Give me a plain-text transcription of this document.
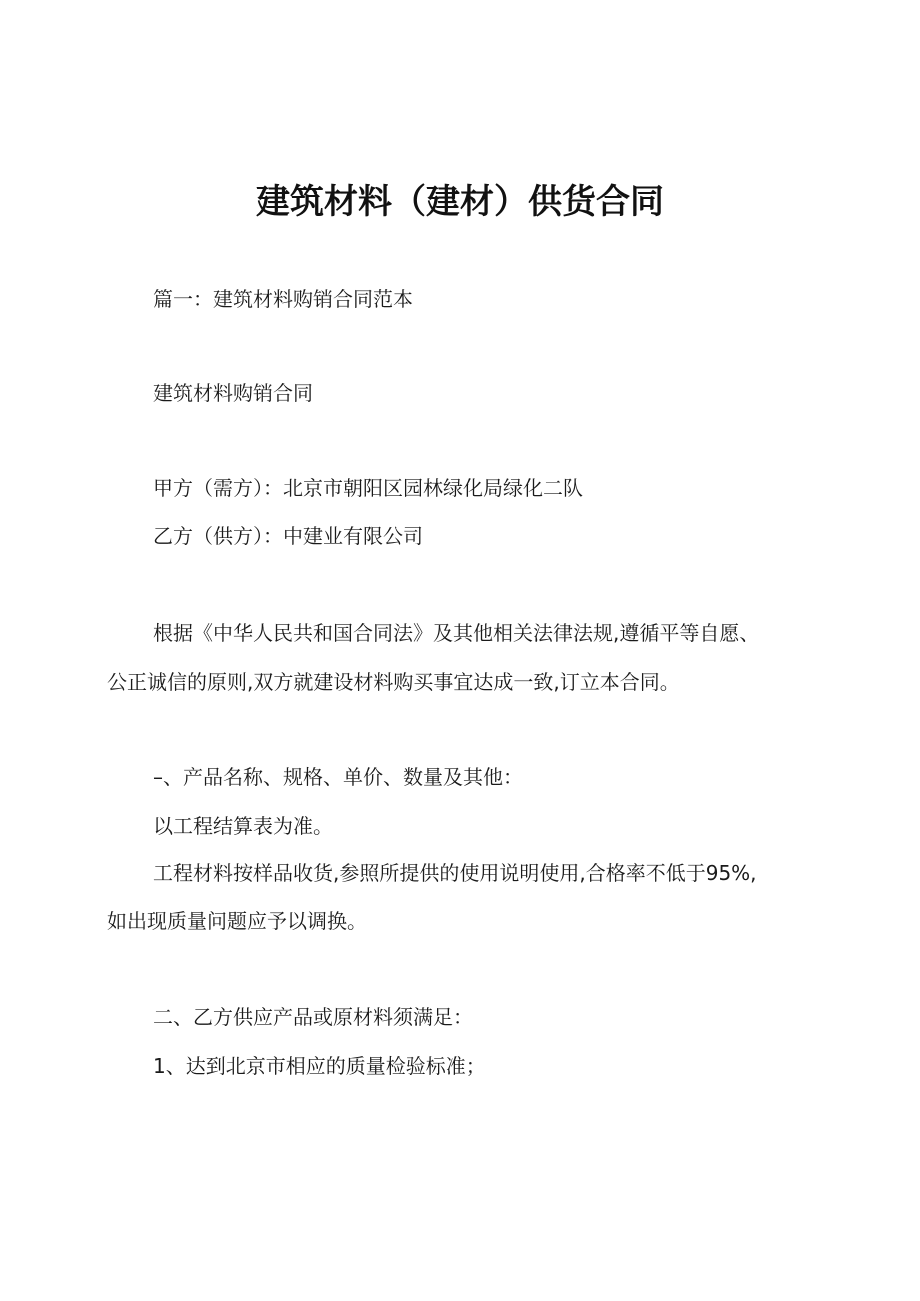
建筑材料（建材）供货合同
篇一：建筑材料购销合同范本
建筑材料购销合同
甲方（需方）：北京市朝阳区园林绿化局绿化二队
乙方（供方）：中建业有限公司
根据《中华人民共和国合同法》及其他相关法律法规,遵循平等自愿、
公正诚信的原则,双方就建设材料购买事宜达成一致,订立本合同。
–、产品名称、规格、单价、数量及其他：
以工程结算表为准。
工程材料按样品收货,参照所提供的使用说明使用,合格率不低于95%,
如出现质量问题应予以调换。
二、乙方供应产品或原材料须满足：
1、达到北京市相应的质量检验标准；
